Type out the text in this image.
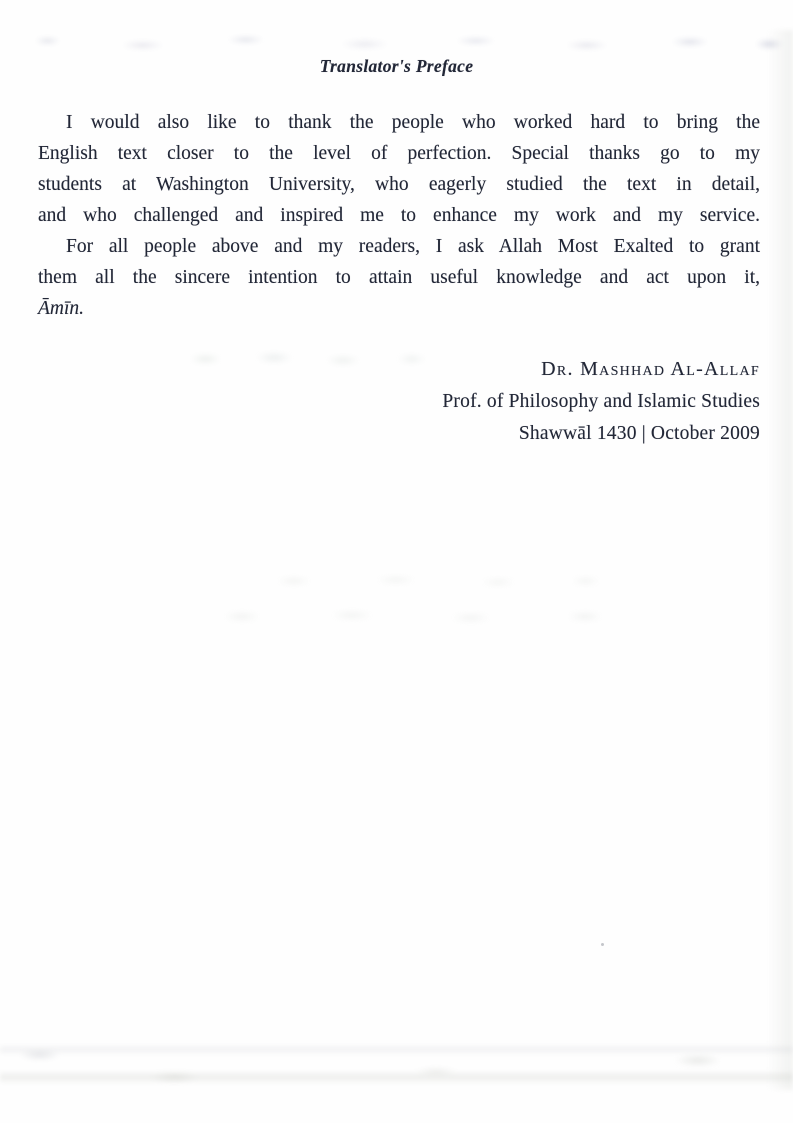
Translator's Preface
I would also like to thank the people who worked hard to bring the
English text closer to the level of perfection. Special thanks go to my
students at Washington University, who eagerly studied the text in detail,
and who challenged and inspired me to enhance my work and my service.
For all people above and my readers, I ask Allah Most Exalted to grant
them all the sincere intention to attain useful knowledge and act upon it,
Āmīn.
Dr. Mashhad Al-Allaf
Prof. of Philosophy and Islamic Studies
Shawwāl 1430 | October 2009
